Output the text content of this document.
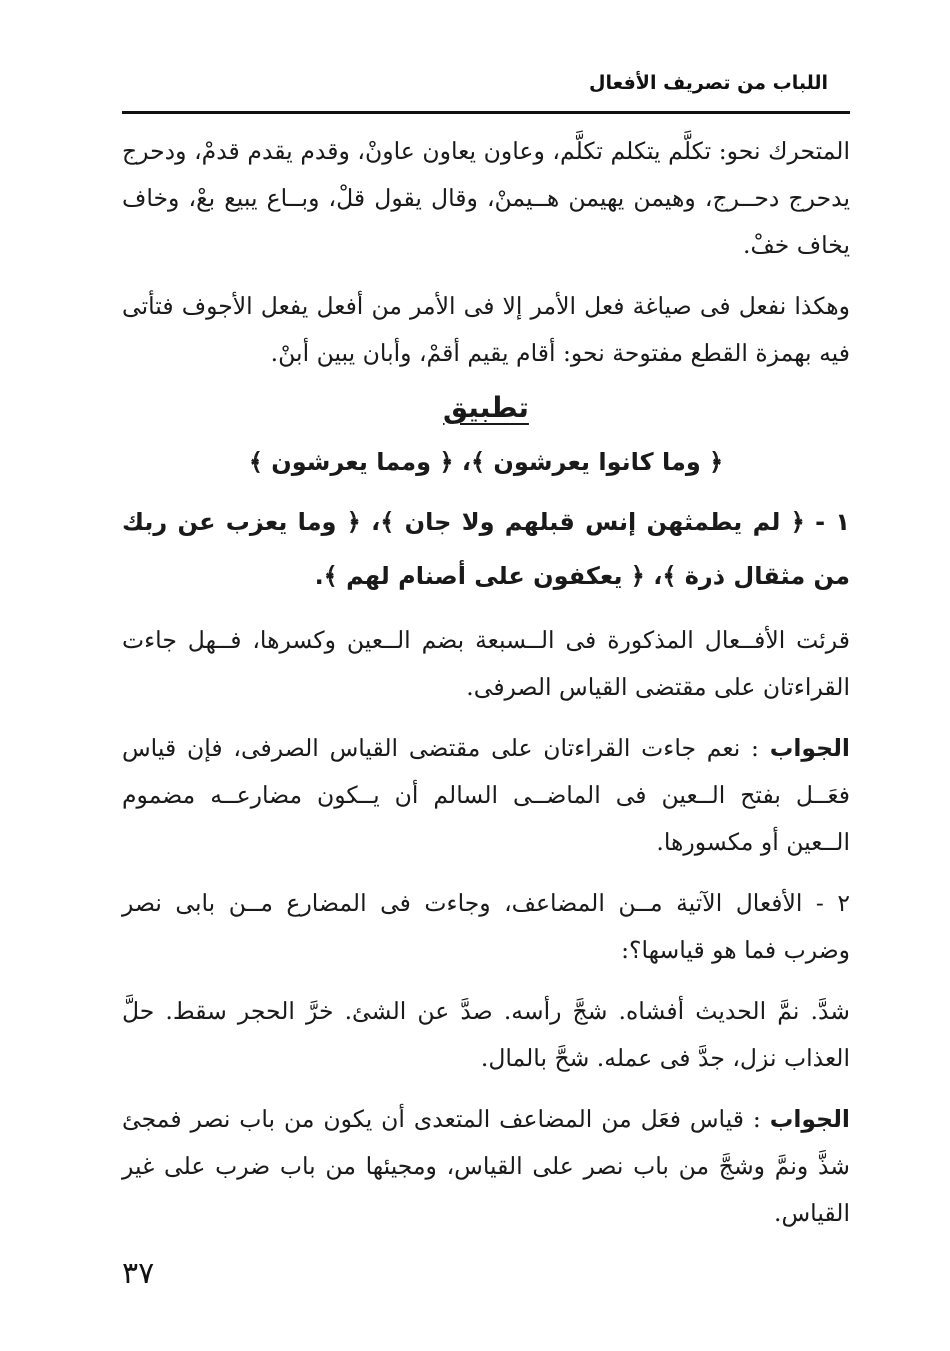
اللباب من تصريف الأفعال

المتحرك نحو: تكلَّم يتكلم تكلَّم، وعاون يعاون عاونْ، وقدم يقدم قدمْ، ودحرج يدحرج دحــرج، وهيمن يهيمن هــيمنْ، وقال يقول قلْ، وبــاع يبيع بعْ، وخاف يخاف خفْ.

وهكذا نفعل فى صياغة فعل الأمر إلا فى الأمر من أفعل يفعل الأجوف فتأتى فيه بهمزة القطع مفتوحة نحو: أقام يقيم أقمْ، وأبان يبين أبنْ.

تطبيق

﴿ وما كانوا يعرشون ﴾، ﴿ ومما يعرشون ﴾

١ - ﴿ لم يطمثهن إنس قبلهم ولا جان ﴾، ﴿ وما يعزب عن ربك من مثقال ذرة ﴾، ﴿ يعكفون على أصنام لهم ﴾.

قرئت الأفــعال المذكورة فى الــسبعة بضم الــعين وكسرها، فــهل جاءت القراءتان على مقتضى القياس الصرفى.

الجواب : نعم جاءت القراءتان على مقتضى القياس الصرفى، فإن قياس فعَــل بفتح الــعين فى الماضــى السالم أن يــكون مضارعــه مضموم الــعين أو مكسورها.

٢ - الأفعال الآتية مــن المضاعف، وجاءت فى المضارع مــن بابى نصر وضرب فما هو قياسها؟:

شدَّ. نمَّ الحديث أفشاه. شجَّ رأسه. صدَّ عن الشئ. خرَّ الحجر سقط. حلَّ العذاب نزل، جدَّ فى عمله. شحَّ بالمال.

الجواب : قياس فعَل من المضاعف المتعدى أن يكون من باب نصر فمجئ شذَّ ونمَّ وشجَّ من باب نصر على القياس، ومجيئها من باب ضرب على غير القياس.

٣٧
